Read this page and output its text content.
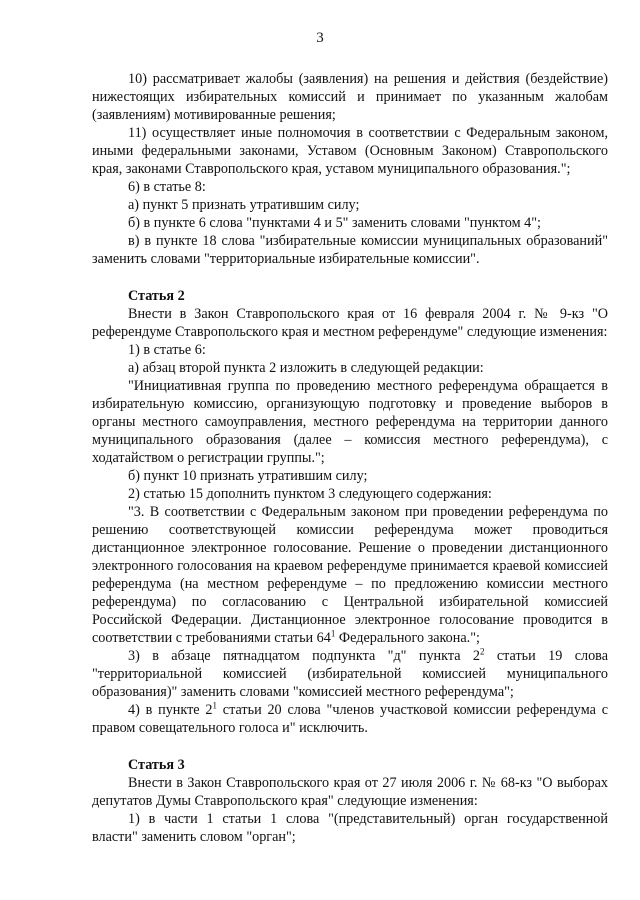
3

10) рассматривает жалобы (заявления) на решения и действия (бездействие) нижестоящих избирательных комиссий и принимает по указанным жалобам (заявлениям) мотивированные решения;

11) осуществляет иные полномочия в соответствии с Федеральным законом, иными федеральными законами, Уставом (Основным Законом) Ставропольского края, законами Ставропольского края, уставом муниципального образования.";

6) в статье 8:

а) пункт 5 признать утратившим силу;

б) в пункте 6 слова "пунктами 4 и 5" заменить словами "пунктом 4";

в) в пункте 18 слова "избирательные комиссии муниципальных образований" заменить словами "территориальные избирательные комиссии".

Статья 2

Внести в Закон Ставропольского края от 16 февраля 2004 г. № 9-кз "О референдуме Ставропольского края и местном референдуме" следующие изменения:

1) в статье 6:

а) абзац второй пункта 2 изложить в следующей редакции:

"Инициативная группа по проведению местного референдума обращается в избирательную комиссию, организующую подготовку и проведение выборов в органы местного самоуправления, местного референдума на территории данного муниципального образования (далее – комиссия местного референдума), с ходатайством о регистрации группы.";

б) пункт 10 признать утратившим силу;

2) статью 15 дополнить пунктом 3 следующего содержания:

"3. В соответствии с Федеральным законом при проведении референдума по решению соответствующей комиссии референдума может проводиться дистанционное электронное голосование. Решение о проведении дистанционного электронного голосования на краевом референдуме принимается краевой комиссией референдума (на местном референдуме – по предложению комиссии местного референдума) по согласованию с Центральной избирательной комиссией Российской Федерации. Дистанционное электронное голосование проводится в соответствии с требованиями статьи $64^1$ Федерального закона.";

3) в абзаце пятнадцатом подпункта "д" пункта $2^2$ статьи 19 слова "территориальной комиссией (избирательной комиссией муниципального образования)" заменить словами "комиссией местного референдума";

4) в пункте $2^1$ статьи 20 слова "членов участковой комиссии референдума с правом совещательного голоса и" исключить.

Статья 3

Внести в Закон Ставропольского края от 27 июля 2006 г. № 68-кз "О выборах депутатов Думы Ставропольского края" следующие изменения:

1) в части 1 статьи 1 слова "(представительный) орган государственной власти" заменить словом "орган";
